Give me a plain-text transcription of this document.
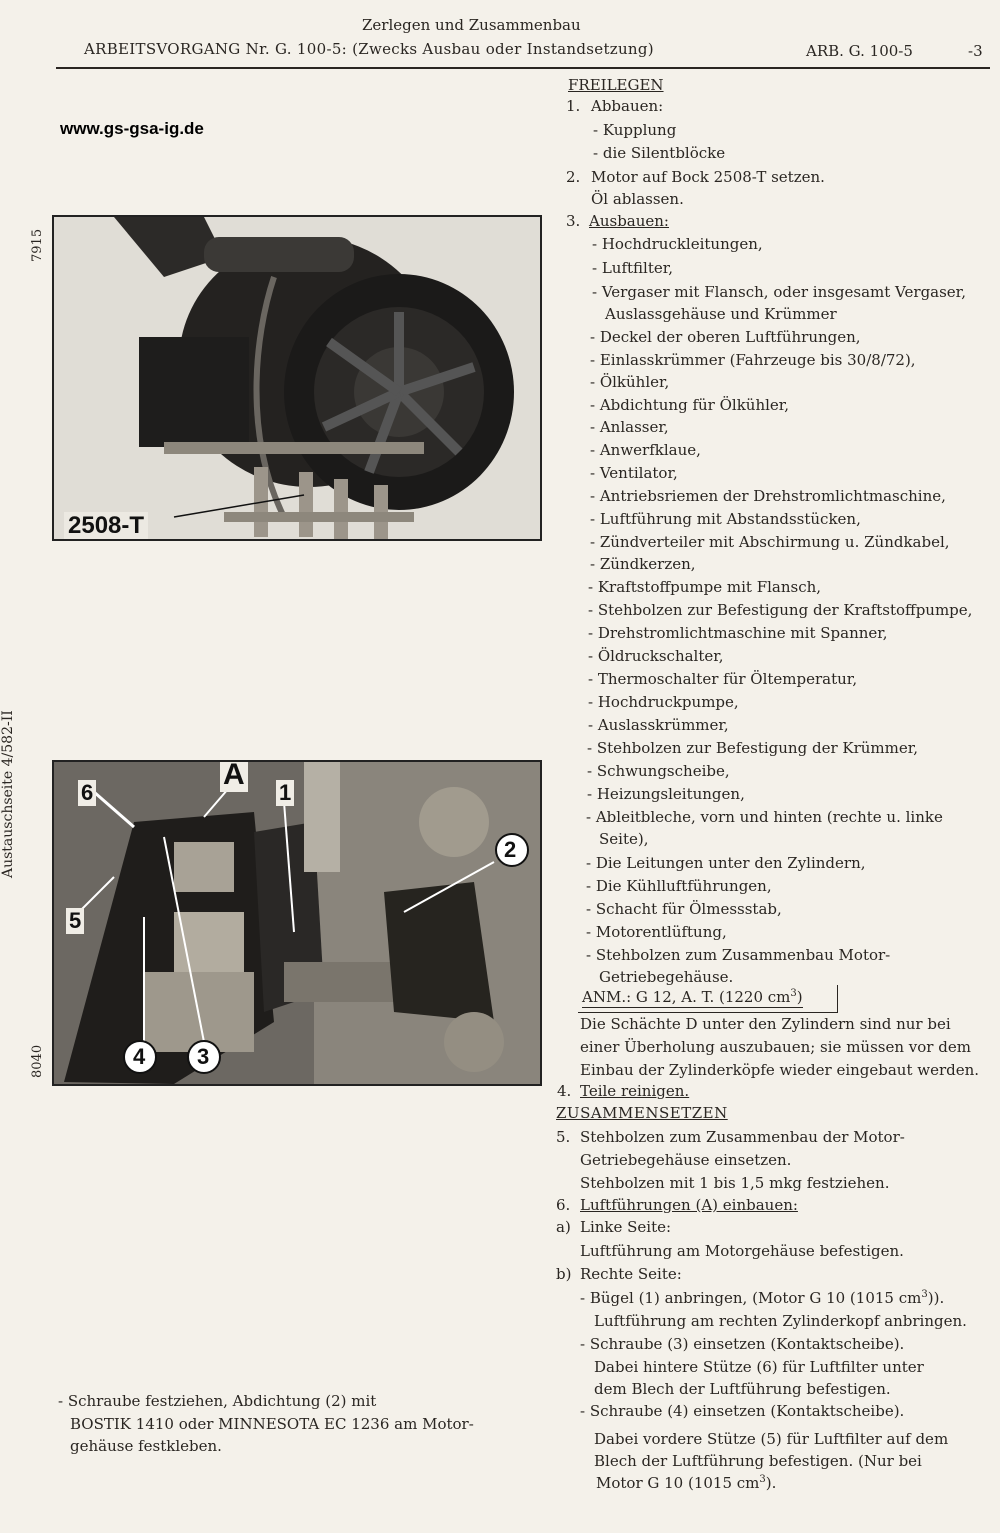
Zerlegen und Zusammenbau
ARBEITSVORGANG Nr. G. 100-5: (Zwecks Ausbau oder Instandsetzung)	ARB. G. 100-5	-3
www.gs-gsa-ig.de
7915
8040
Austauschseite 4/582-II
2508-T
A
1
6
5
2
4 3
FREILEGEN
1. Abbauen:
- Kupplung
- die Silentblöcke
2. Motor auf Bock 2508-T setzen.
Öl ablassen.
3. Ausbauen:
- Hochdruckleitungen,
- Luftfilter,
- Vergaser mit Flansch, oder insgesamt Vergaser,
Auslassgehäuse und Krümmer
- Deckel der oberen Luftführungen,
- Einlasskrümmer (Fahrzeuge bis 30/8/72),
- Ölkühler,
- Abdichtung für Ölkühler,
- Anlasser,
- Anwerfklaue,
- Ventilator,
- Antriebsriemen der Drehstromlichtmaschine,
- Luftführung mit Abstandsstücken,
- Zündverteiler mit Abschirmung u. Zündkabel,
- Zündkerzen,
- Kraftstoffpumpe mit Flansch,
- Stehbolzen zur Befestigung der Kraftstoffpumpe,
- Drehstromlichtmaschine mit Spanner,
- Öldruckschalter,
- Thermoschalter für Öltemperatur,
- Hochdruckpumpe,
- Auslasskrümmer,
- Stehbolzen zur Befestigung der Krümmer,
- Schwungscheibe,
- Heizungsleitungen,
- Ableitbleche, vorn und hinten (rechte u. linke
Seite),
- Die Leitungen unter den Zylindern,
- Die Kühlluftführungen,
- Schacht für Ölmessstab,
- Motorentlüftung,
- Stehbolzen zum Zusammenbau Motor-
Getriebegehäuse.
ANM.: G 12, A. T. (1220 $cm^3$)
Die Schächte D unter den Zylindern sind nur bei
einer Überholung auszubauen; sie müssen vor dem
Einbau der Zylinderköpfe wieder eingebaut werden.
4. Teile reinigen.
ZUSAMMENSETZEN
5. Stehbolzen zum Zusammenbau der Motor-
Getriebegehäuse einsetzen.
Stehbolzen mit 1 bis 1,5 mkg festziehen.
6. Luftführungen (A) einbauen:
a) Linke Seite:
Luftführung am Motorgehäuse befestigen.
b) Rechte Seite:
- Bügel (1) anbringen, (Motor G 10 (1015 $cm^3$)).
Luftführung am rechten Zylinderkopf anbringen.
- Schraube (3) einsetzen (Kontaktscheibe).
Dabei hintere Stütze (6) für Luftfilter unter
dem Blech der Luftführung befestigen.
- Schraube (4) einsetzen (Kontaktscheibe).
Dabei vordere Stütze (5) für Luftfilter auf dem
Blech der Luftführung befestigen. (Nur bei
Motor G 10 (1015 $cm^3$).
- Schraube festziehen, Abdichtung (2) mit
BOSTIK 1410 oder MINNESOTA EC 1236 am Motor-
gehäuse festkleben.
